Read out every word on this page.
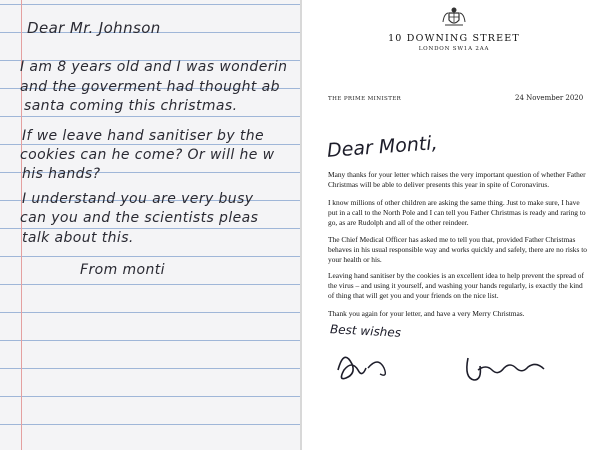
Dear Mr. Johnson
I am 8 years old and I was wonderin
and the goverment had thought ab
santa coming this christmas.
If we leave hand sanitiser by the
cookies can he come? Or will he w
his hands?
I understand you are very busy
can you and the scientists pleas
talk about this.
From monti
10 DOWNING STREET
LONDON SW1A 2AA
THE PRIME MINISTER	24 November 2020
Dear Monti,

Many thanks for your letter which raises the very important question of whether Father Christmas will be able to deliver presents this year in spite of Coronavirus.

I know millions of other children are asking the same thing. Just to make sure, I have put in a call to the North Pole and I can tell you Father Christmas is ready and raring to go, as are Rudolph and all of the other reindeer.

The Chief Medical Officer has asked me to tell you that, provided Father Christmas behaves in his usual responsible way and works quickly and safely, there are no risks to your health or his.

Leaving hand sanitiser by the cookies is an excellent idea to help prevent the spread of the virus – and using it yourself, and washing your hands regularly, is exactly the kind of thing that will get you and your friends on the nice list.

Thank you again for your letter, and have a very Merry Christmas.

Best wishes
